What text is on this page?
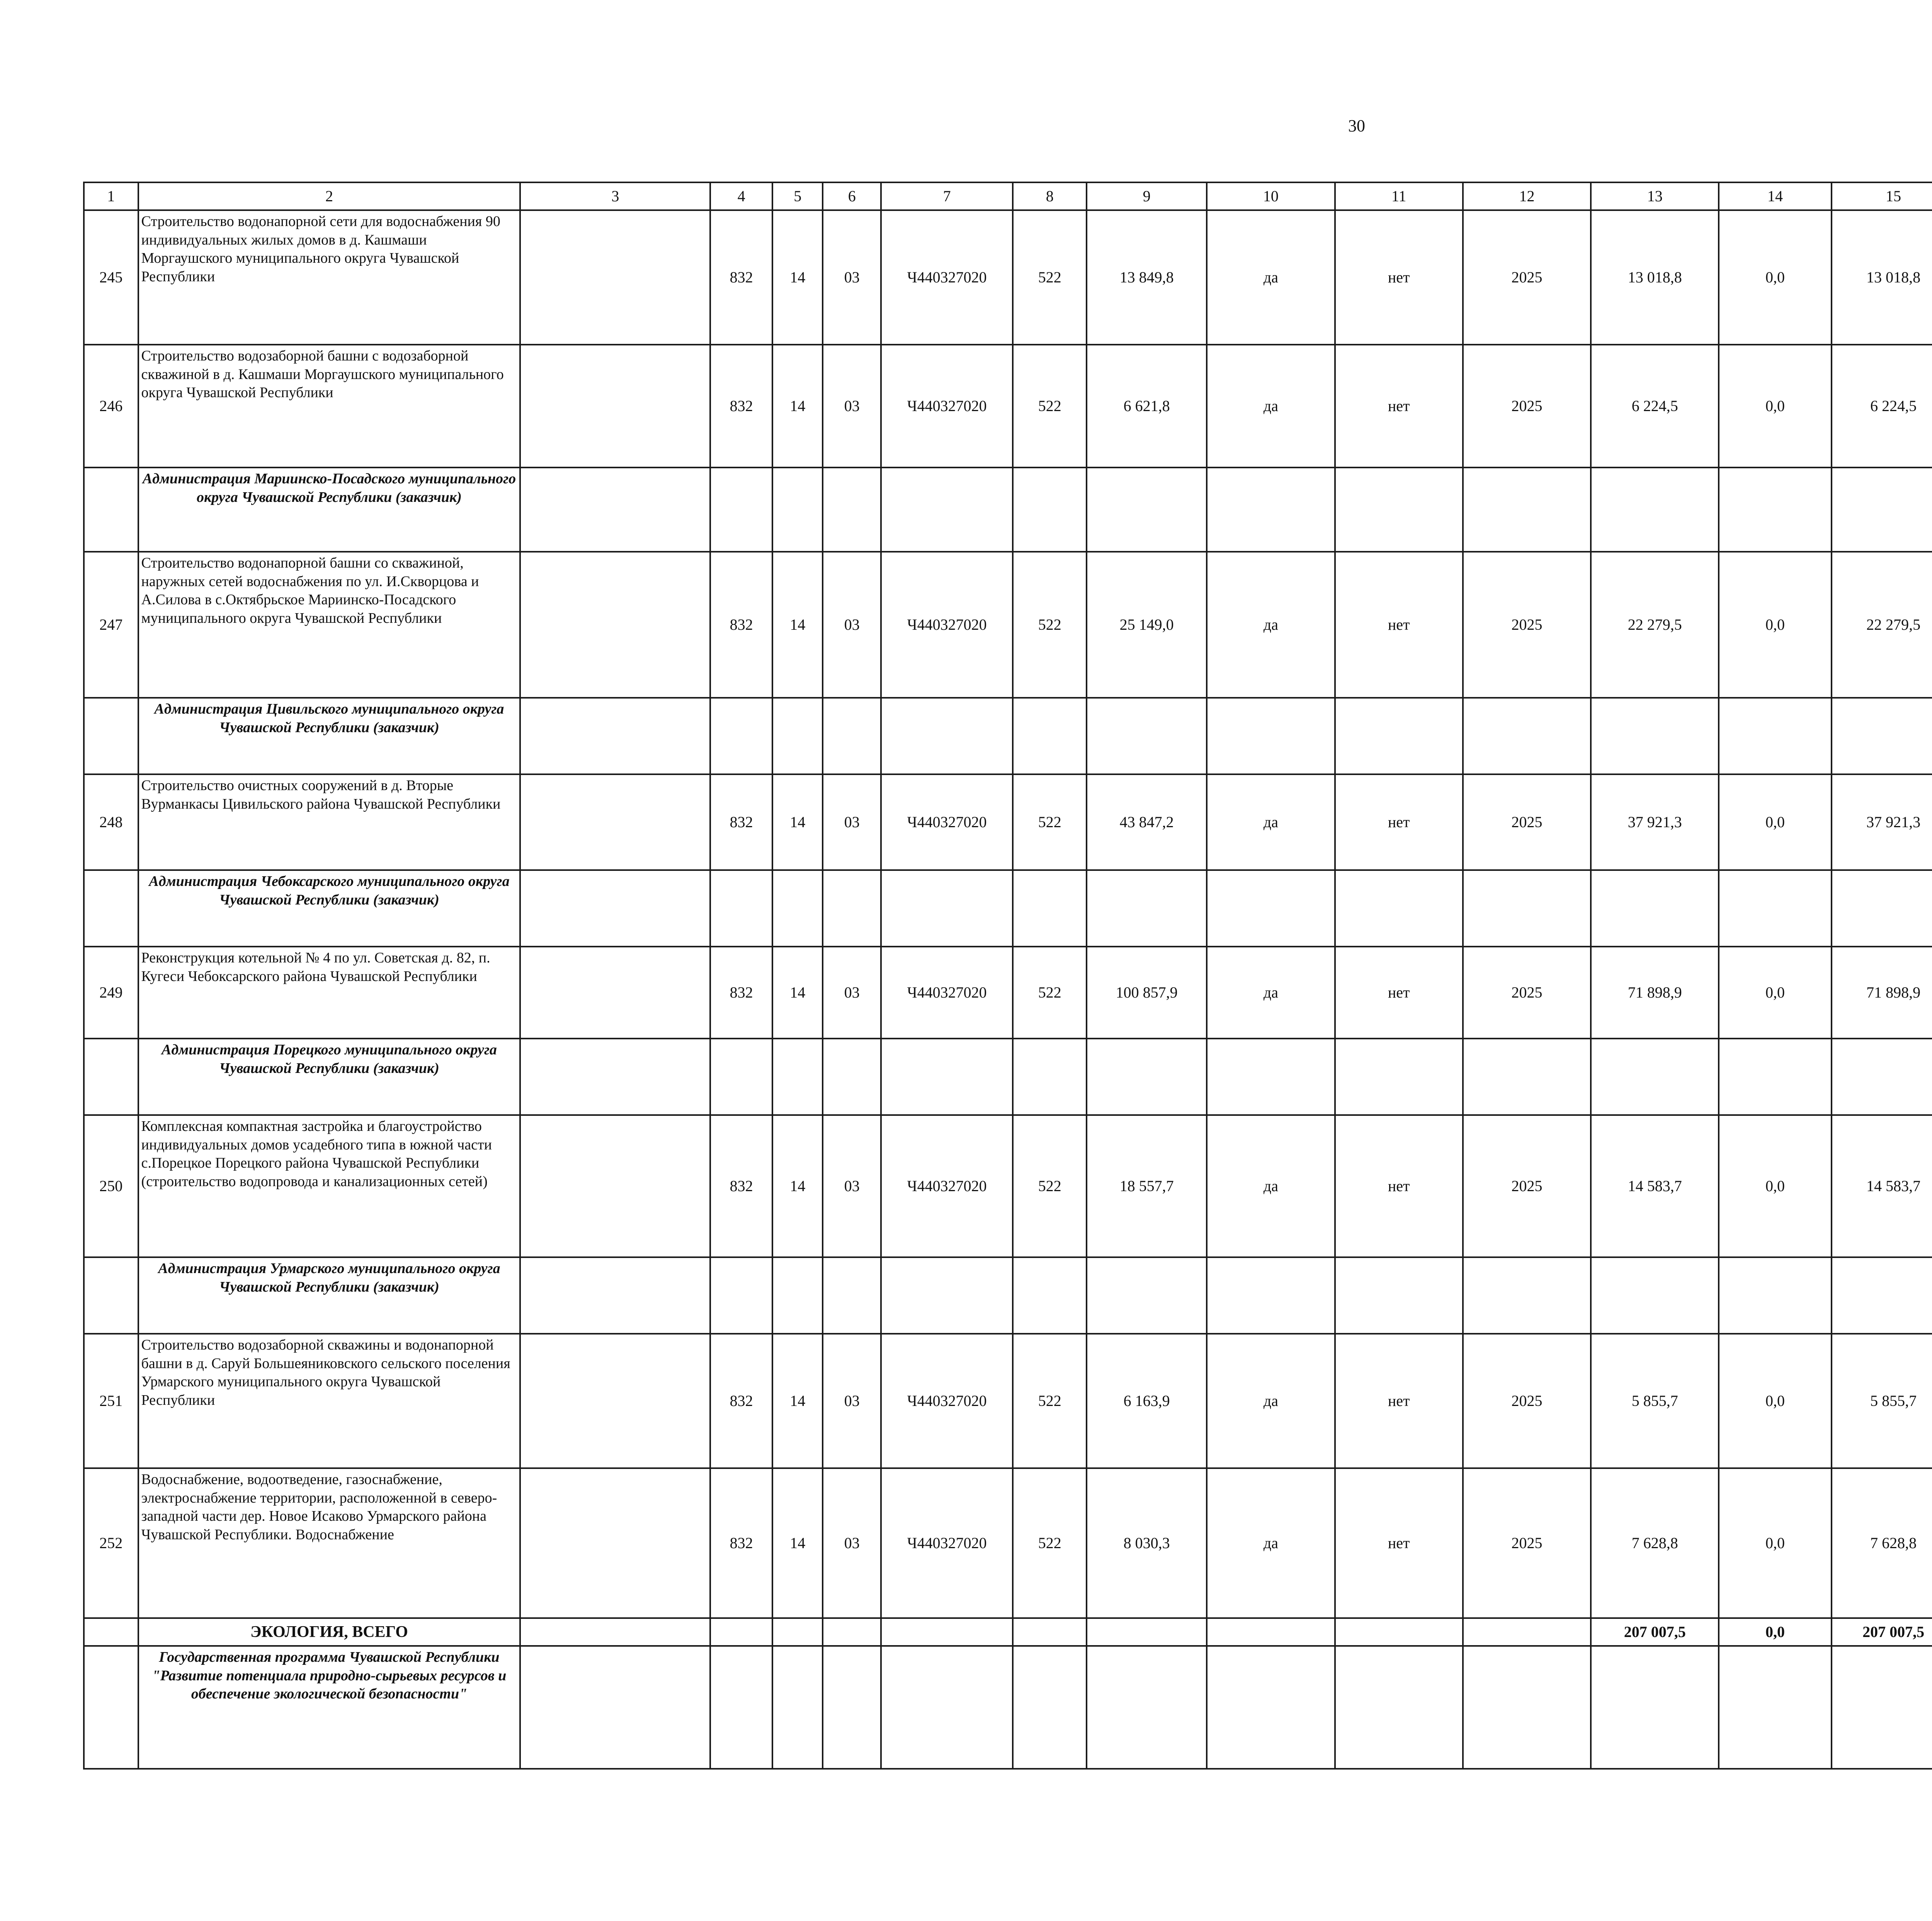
30
1	2	3	4	5	6	7	8	9	10	11	12	13	14	15						
245	Строительство водонапорной сети для водоснабжения 90 индивидуальных жилых домов в д. Кашмаши Моргаушского муниципального округа Чувашской Республики		832	14	03	Ч440327020	522	13 849,8	да	нет	2025	13 018,8	0,0	13 018,8						
246	Строительство водозаборной башни с водозаборной скважиной в д. Кашмаши Моргаушского муниципального округа Чувашской Республики		832	14	03	Ч440327020	522	6 621,8	да	нет	2025	6 224,5	0,0	6 224,5						
	Администрация Мариинско-Посадского муниципального округа Чувашской Республики (заказчик)																			
247	Строительство водонапорной башни со скважиной, наружных сетей водоснабжения по ул. И.Скворцова и А.Силова в с.Октябрьское Мариинско-Посадского муниципального округа Чувашской Республики		832	14	03	Ч440327020	522	25 149,0	да	нет	2025	22 279,5	0,0	22 279,5						
	Администрация Цивильского муниципального округа Чувашской Республики (заказчик)																			
248	Строительство очистных сооружений в д. Вторые Вурманкасы Цивильского района Чувашской Республики		832	14	03	Ч440327020	522	43 847,2	да	нет	2025	37 921,3	0,0	37 921,3						
	Администрация Чебоксарского муниципального округа Чувашской Республики (заказчик)																			
249	Реконструкция котельной № 4 по ул. Советская д. 82, п. Кугеси Чебоксарского района Чувашской Республики		832	14	03	Ч440327020	522	100 857,9	да	нет	2025	71 898,9	0,0	71 898,9						
	Администрация Порецкого муниципального округа Чувашской Республики (заказчик)																			
250	Комплексная компактная застройка и благоустройство индивидуальных домов усадебного типа в южной части с.Порецкое Порецкого района Чувашской Республики (строительство водопровода и канализационных сетей)		832	14	03	Ч440327020	522	18 557,7	да	нет	2025	14 583,7	0,0	14 583,7						
	Администрация Урмарского муниципального округа Чувашской Республики (заказчик)																			
251	Строительство водозаборной скважины и водонапорной башни в д. Саруй Большеяниковского сельского поселения Урмарского муниципального округа Чувашской Республики		832	14	03	Ч440327020	522	6 163,9	да	нет	2025	5 855,7	0,0	5 855,7						
252	Водоснабжение, водоотведение, газоснабжение, электроснабжение территории, расположенной в северо-западной части дер. Новое Исаково Урмарского района Чувашской Республики. Водоснабжение		832	14	03	Ч440327020	522	8 030,3	да	нет	2025	7 628,8	0,0	7 628,8						
	ЭКОЛОГИЯ, ВСЕГО											207 007,5	0,0	207 007,5						
	Государственная программа Чувашской Республики "Развитие потенциала природно-сырьевых ресурсов и обеспечение экологической безопасности"																			
